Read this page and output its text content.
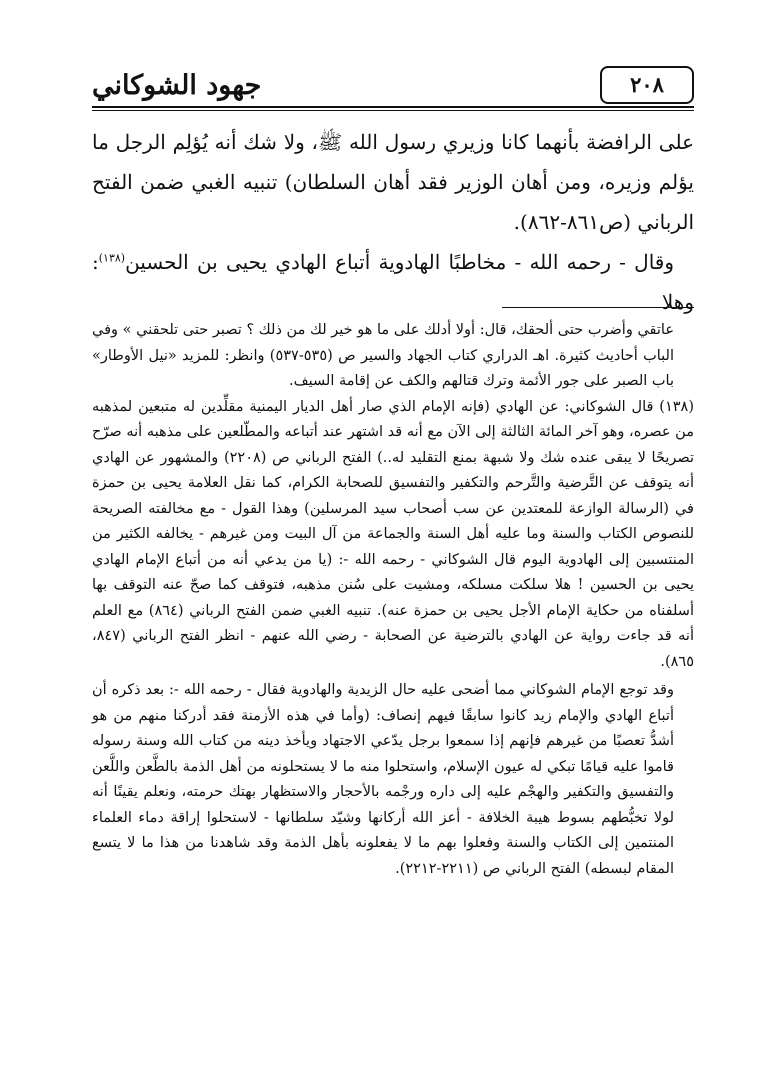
جهود الشوكاني	٢٠٨

على الرافضة بأنهما كانا وزيري رسول الله ﷺ، ولا شك أنه يُؤلِم الرجل ما يؤلم وزيره، ومن أهان الوزير فقد أهان السلطان) تنبيه الغبي ضمن الفتح الرباني (ص٨٦١-٨٦٢).

وقال - رحمه الله - مخاطبًا الهادوية أتباع الهادي يحيى بن الحسين$^{(١٣٨)}$: وهلا

عاتقي وأضرب حتى ألحقك، قال: أولا أدلك على ما هو خير لك من ذلك ؟ تصبر حتى تلحقني » وفي الباب أحاديث كثيرة. اهـ الدراري كتاب الجهاد والسير ص (٥٣٥-٥٣٧) وانظر: للمزيد «نيل الأوطار» باب الصبر على جور الأئمة وترك قتالهم والكف عن إقامة السيف.

(١٣٨) قال الشوكاني: عن الهادي (فإنه الإمام الذي صار أهل الديار اليمنية مقلِّدين له متبعين لمذهبه من عصره، وهو آخر المائة الثالثة إلى الآن مع أنه قد اشتهر عند أتباعه والمطّلعين على مذهبه أنه صرّح تصريحًا لا يبقى عنده شك ولا شبهة بمنع التقليد له..) الفتح الرباني ص (٢٢٠٨) والمشهور عن الهادي أنه يتوقف عن التَّرضية والتَّرحم والتكفير والتفسيق للصحابة الكرام، كما نقل العلامة يحيى بن حمزة في (الرسالة الوازعة للمعتدين عن سب أصحاب سيد المرسلين) وهذا القول - مع مخالفته الصريحة للنصوص الكتاب والسنة وما عليه أهل السنة والجماعة من آل البيت ومن غيرهم - يخالفه الكثير من المنتسبين إلى الهادوية اليوم قال الشوكاني - رحمه الله -: (يا من يدعي أنه من أتباع الإمام الهادي يحيى بن الحسين ! هلا سلكت مسلكه، ومشيت على سُنن مذهبه، فتوقف كما صحّ عنه التوقف بها أسلفناه من حكاية الإمام الأجل يحيى بن حمزة عنه). تنبيه الغبي ضمن الفتح الرباني (٨٦٤) مع العلم أنه قد جاءت رواية عن الهادي بالترضية عن الصحابة - رضي الله عنهم - انظر الفتح الرباني (٨٤٧، ٨٦٥).

وقد توجع الإمام الشوكاني مما أضحى عليه حال الزيدية والهادوية فقال - رحمه الله -: بعد ذكره أن أتباع الهادي والإمام زيد كانوا سابقًا فيهم إنصاف: (وأما في هذه الأزمنة فقد أدركنا منهم من هو أشدُّ تعصبًا من غيرهم فإنهم إذا سمعوا برجل يدّعي الاجتهاد ويأخذ دينه من كتاب الله وسنة رسوله قاموا عليه قيامًا تبكي له عيون الإسلام، واستحلوا منه ما لا يستحلونه من أهل الذمة بالطَّعن واللَّعن والتفسيق والتكفير والهجْم عليه إلى داره ورجْمه بالأحجار والاستظهار بهتك حرمته، ونعلم يقينًا أنه لولا تخبُّطهم بسوط هيبة الخلافة - أعز الله أركانها وشيّد سلطانها - لاستحلوا إراقة دماء العلماء المنتمين إلى الكتاب والسنة وفعلوا بهم ما لا يفعلونه بأهل الذمة وقد شاهدنا من هذا ما لا يتسع المقام لبسطه) الفتح الرباني ص (٢٢١١-٢٢١٢).
